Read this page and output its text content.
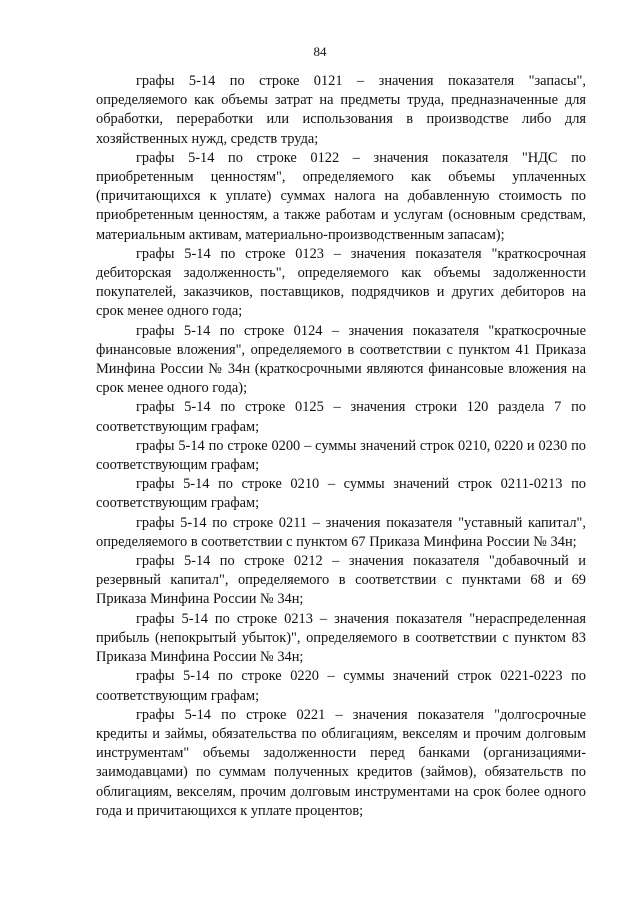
84

графы 5-14 по строке 0121 – значения показателя "запасы", определяемого как объемы затрат на предметы труда, предназначенные для обработки, переработки или использования в производстве либо для хозяйственных нужд, средств труда;

графы 5-14 по строке 0122 – значения показателя "НДС по приобретенным ценностям", определяемого как объемы уплаченных (причитающихся к уплате) суммах налога на добавленную стоимость по приобретенным ценностям, а также работам и услугам (основным средствам, материальным активам, материально-производственным запасам);

графы 5-14 по строке 0123 – значения показателя "краткосрочная дебиторская задолженность", определяемого как объемы задолженности покупателей, заказчиков, поставщиков, подрядчиков и других дебиторов на срок менее одного года;

графы 5-14 по строке 0124 – значения показателя "краткосрочные финансовые вложения", определяемого в соответствии с пунктом 41 Приказа Минфина России № 34н (краткосрочными являются финансовые вложения на срок менее одного года);

графы 5-14 по строке 0125 – значения строки 120 раздела 7 по соответствующим графам;

графы 5-14 по строке 0200 – суммы значений строк 0210, 0220 и 0230 по соответствующим графам;

графы 5-14 по строке 0210 – суммы значений строк 0211-0213 по соответствующим графам;

графы 5-14 по строке 0211 – значения показателя "уставный капитал", определяемого в соответствии с пунктом 67 Приказа Минфина России № 34н;

графы 5-14 по строке 0212 – значения показателя "добавочный и резервный капитал", определяемого в соответствии с пунктами 68 и 69 Приказа Минфина России № 34н;

графы 5-14 по строке 0213 – значения показателя "нераспределенная прибыль (непокрытый убыток)", определяемого в соответствии с пунктом 83 Приказа Минфина России № 34н;

графы 5-14 по строке 0220 – суммы значений строк 0221-0223 по соответствующим графам;

графы 5-14 по строке 0221 – значения показателя "долгосрочные кредиты и займы, обязательства по облигациям, векселям и прочим долговым инструментам" объемы задолженности перед банками (организациями-заимодавцами) по суммам полученных кредитов (займов), обязательств по облигациям, векселям, прочим долговым инструментами на срок более одного года и причитающихся к уплате процентов;
